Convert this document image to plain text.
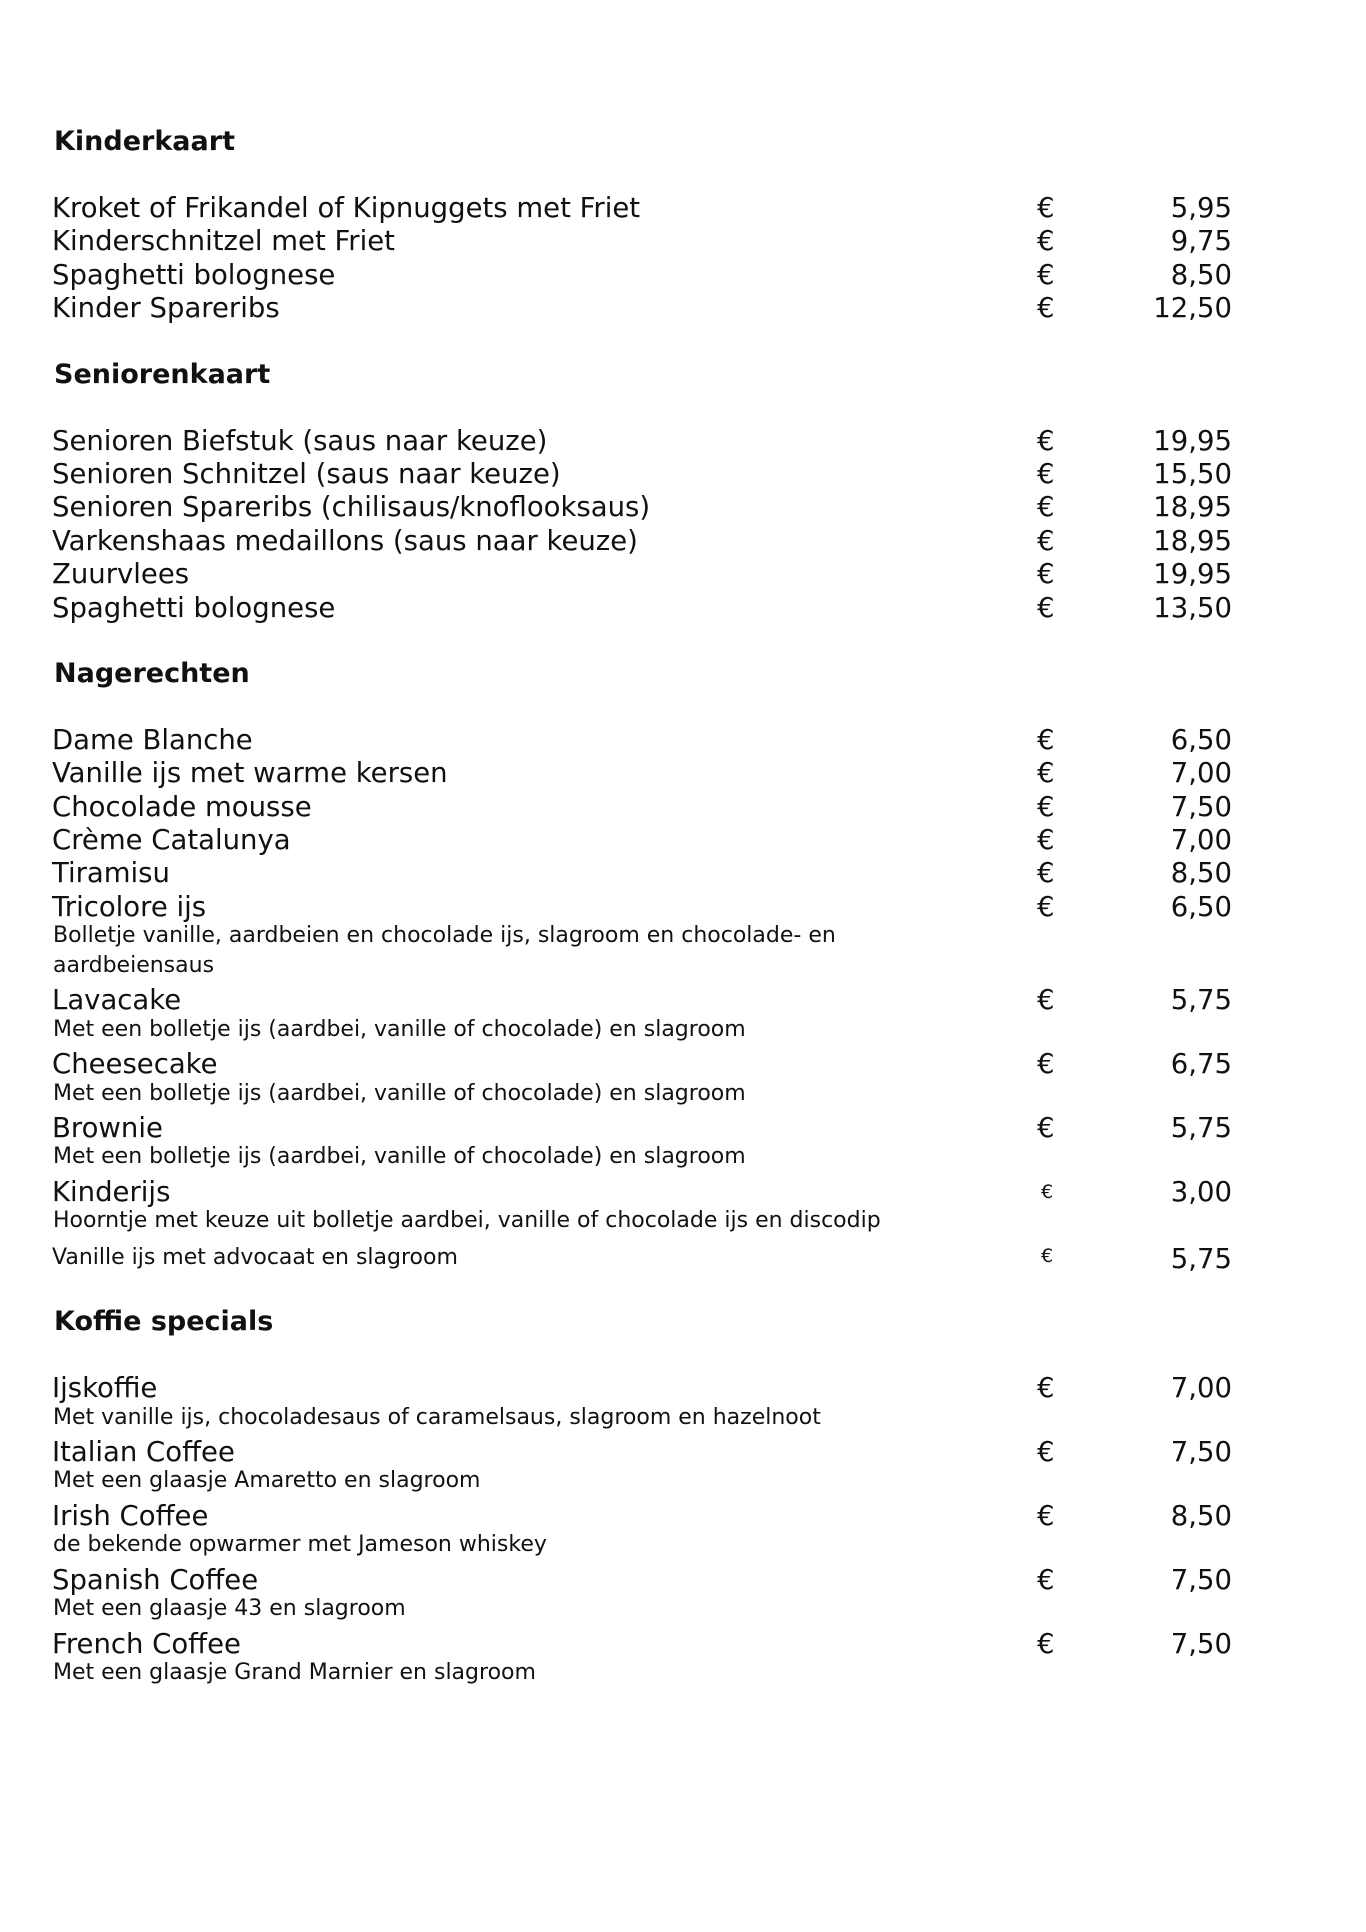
Kinderkaart
Kroket of Frikandel of Kipnuggets met Friet	€	5,95
Kinderschnitzel met Friet	€	9,75
Spaghetti bolognese	€	8,50
Kinder Spareribs	€	12,50
Seniorenkaart
Senioren Biefstuk (saus naar keuze)	€	19,95
Senioren Schnitzel (saus naar keuze)	€	15,50
Senioren Spareribs (chilisaus/knoflooksaus)	€	18,95
Varkenshaas medaillons (saus naar keuze)	€	18,95
Zuurvlees	€	19,95
Spaghetti bolognese	€	13,50
Nagerechten
Dame Blanche	€	6,50
Vanille ijs met warme kersen	€	7,00
Chocolade mousse	€	7,50
Crème Catalunya	€	7,00
Tiramisu	€	8,50
Tricolore ijs	€	6,50
Bolletje vanille, aardbeien en chocolade ijs, slagroom en chocolade- en aardbeiensaus
Lavacake	€	5,75
Met een bolletje ijs (aardbei, vanille of chocolade) en slagroom
Cheesecake	€	6,75
Met een bolletje ijs (aardbei, vanille of chocolade) en slagroom
Brownie	€	5,75
Met een bolletje ijs (aardbei, vanille of chocolade) en slagroom
Kinderijs	€	3,00
Hoorntje met keuze uit bolletje aardbei, vanille of chocolade ijs en discodip
Vanille ijs met advocaat en slagroom	€	5,75
Koffie specials
Ijskoffie	€	7,00
Met vanille ijs, chocoladesaus of caramelsaus, slagroom en hazelnoot
Italian Coffee	€	7,50
Met een glaasje Amaretto en slagroom
Irish Coffee	€	8,50
de bekende opwarmer met Jameson whiskey
Spanish Coffee	€	7,50
Met een glaasje 43 en slagroom
French Coffee	€	7,50
Met een glaasje Grand Marnier en slagroom
